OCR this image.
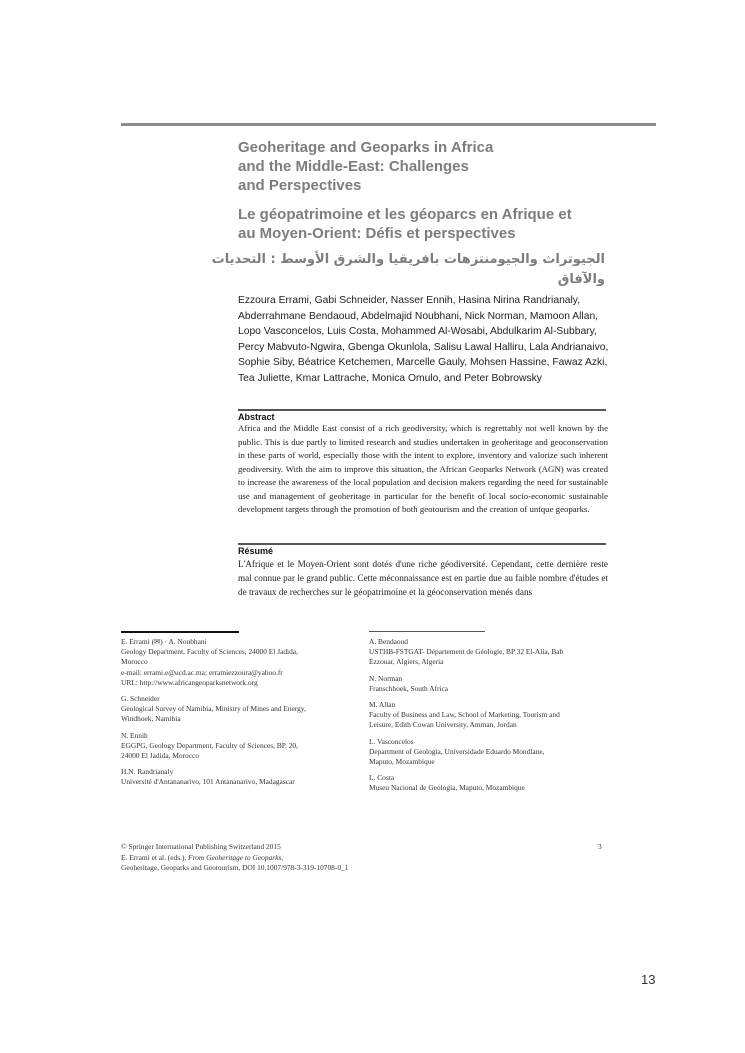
Geoheritage and Geoparks in Africa
and the Middle-East: Challenges
and Perspectives
Le géopatrimoine et les géoparcs en Afrique et
au Moyen-Orient: Défis et perspectives
الجيوتراث والجيومنتزهات بافريقيا والشرق الأوسط : التحديات والآفاق
Ezzoura Errami, Gabi Schneider, Nasser Ennih, Hasina Nirina Randrianaly, Abderrahmane Bendaoud, Abdelmajid Noubhani, Nick Norman, Mamoon Allan, Lopo Vasconcelos, Luis Costa, Mohammed Al-Wosabi, Abdulkarim Al-Subbary, Percy Mabvuto-Ngwira, Gbenga Okunlola, Salisu Lawal Halliru, Lala Andrianaivo, Sophie Siby, Béatrice Ketchemen, Marcelle Gauly, Mohsen Hassine, Fawaz Azki, Tea Juliette, Kmar Lattrache, Monica Omulo, and Peter Bobrowsky
Abstract
Africa and the Middle East consist of a rich geodiversity, which is regrettably not well known by the public. This is due partly to limited research and studies undertaken in geoheritage and geoconservation in these parts of world, especially those with the intent to explore, inventory and valorize such inherent geodiversity. With the aim to improve this situation, the African Geoparks Network (AGN) was created to increase the awareness of the local population and decision makers regarding the need for sustainable use and management of geoheritage in particular for the benefit of local socio-economic sustainable development targets through the promotion of both geotourism and the creation of unique geoparks.
Résumé
L'Afrique et le Moyen-Orient sont dotés d'une riche géodiversité. Cependant, cette dernière reste mal connue par le grand public. Cette méconnaissance est en partie due au faible nombre d'études et de travaux de recherches sur le géopatrimoine et la géoconservation menés dans
E. Errami (✉) · A. Noubhani
Geology Department, Faculty of Sciences, 24000 El Jadida,
Morocco
e-mail: errami.e@ucd.ac.ma; erramiezzoura@yahoo.fr
URL: http://www.africangeoparksnetwork.org
G. Schneider
Geological Survey of Namibia, Ministry of Mines and Energy,
Windhoek, Namibia
N. Ennih
EGGPG, Geology Department, Faculty of Sciences, BP. 20,
24000 El Jadida, Morocco
H.N. Randrianaly
Université d'Antananarivo, 101 Antananarivo, Madagascar
A. Bendaoud
USTHB-FSTGAT- Département de Géologie, BP 32 El-Alia, Bab
Ezzouar, Algiers, Algeria
N. Norman
Franschhoek, South Africa
M. Allan
Faculty of Business and Law, School of Marketing, Tourism and
Leisure, Edith Cowan University, Amman, Jordan
L. Vasconcelos
Department of Geologia, Universidade Eduardo Mondlane,
Maputo, Mozambique
L. Costa
Museu Nacional de Geologia, Maputo, Mozambique
© Springer International Publishing Switzerland 2015
E. Errami et al. (eds.), From Geoheritage to Geoparks,
Geoheritage, Geoparks and Geotourism, DOI 10.1007/978-3-319-10708-0_1
3
13
